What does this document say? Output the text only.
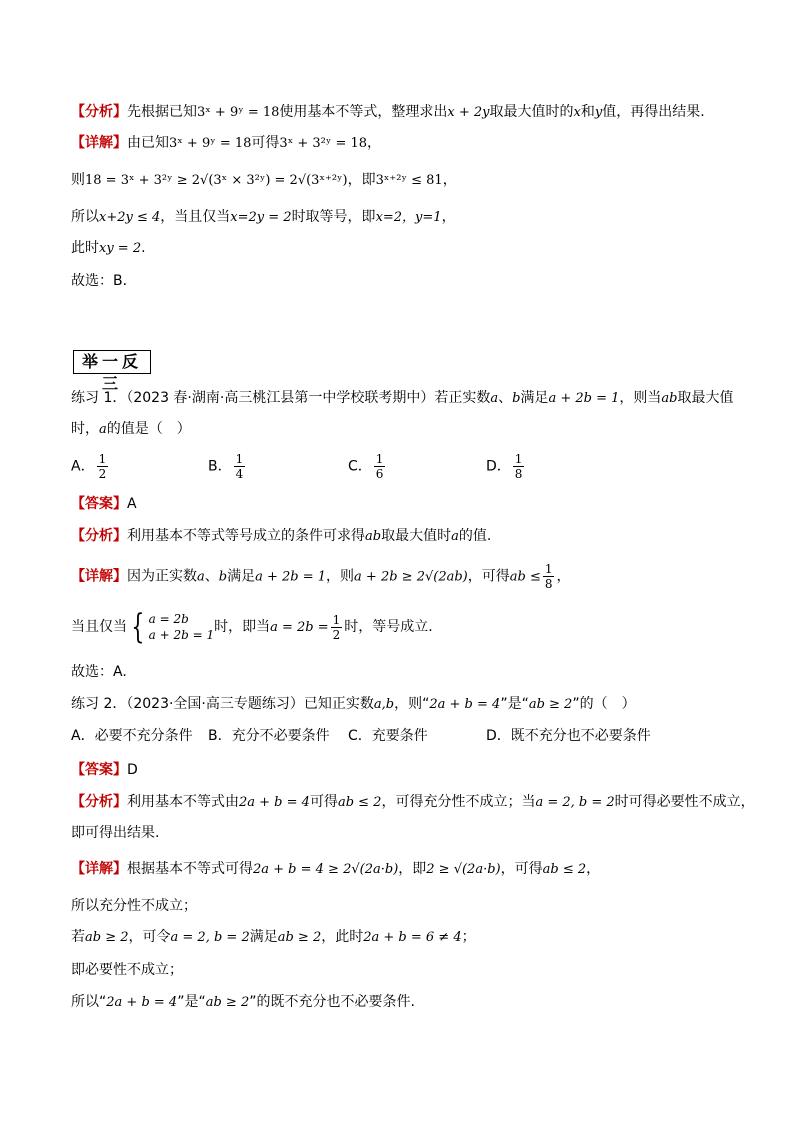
【分析】先根据已知3ˣ + 9ʸ = 18使用基本不等式，整理求出x + 2y取最大值时的x和y值，再得出结果.
【详解】由已知3ˣ + 9ʸ = 18可得3ˣ + 3²ʸ = 18，
则18 = 3ˣ + 3²ʸ ≥ 2√(3ˣ × 3²ʸ) = 2√(3ˣ⁺²ʸ)，即3ˣ⁺²ʸ ≤ 81，
所以x+2y ≤ 4，当且仅当x=2y = 2时取等号，即x=2，y=1，
此时xy = 2.
故选：B．
举一反三
练习 1．（2023 春·湖南·高三桃江县第一中学校联考期中）若正实数a、b满足a + 2b = 1，则当ab取最大值
时，a的值是（　）
A． $\frac{1}{2}$	B． $\frac{1}{4}$	C． $\frac{1}{6}$	D． $\frac{1}{8}$
【答案】A
【分析】利用基本不等式等号成立的条件可求得ab取最大值时a的值.
【详解】因为正实数a、b满足a + 2b = 1，则a + 2b ≥ 2√(2ab)，可得ab ≤ $\frac{1}{8}$ ，
当且仅当 { a = 2b
a + 2b = 1 时，即当$a = 2b = \frac{1}{2}$ 时，等号成立.
故选：A.
练习 2．（2023·全国·高三专题练习）已知正实数a,b，则“2a + b = 4”是“ab ≥ 2”的（　）
A．必要不充分条件 B．充分不必要条件 C．充要条件	D．既不充分也不必要条件
【答案】D
【分析】利用基本不等式由2a + b = 4可得ab ≤ 2，可得充分性不成立；当a = 2, b = 2时可得必要性不成立，
即可得出结果.
【详解】根据基本不等式可得2a + b = 4 ≥ 2√(2a·b)，即2 ≥ √(2a·b)，可得ab ≤ 2，
所以充分性不成立；
若ab ≥ 2，可令a = 2, b = 2满足ab ≥ 2，此时2a + b = 6 ≠ 4；
即必要性不成立；
所以“2a + b = 4”是“ab ≥ 2”的既不充分也不必要条件.
